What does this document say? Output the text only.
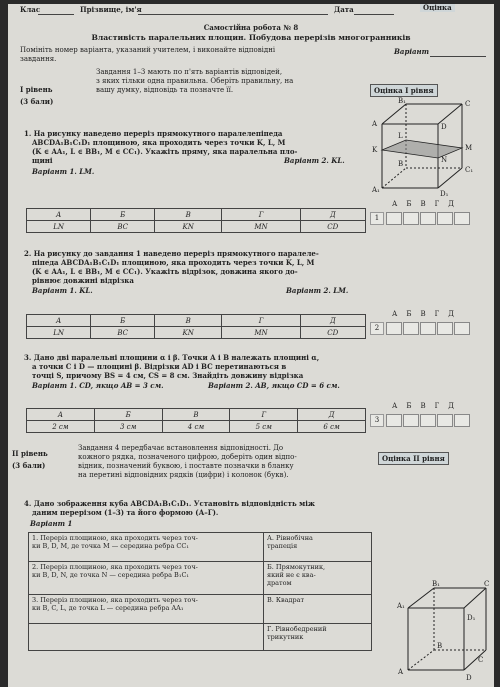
Клас	Прізвище, ім'я	Дата	Оцінка
Самостійна робота № 8
Властивість паралельних площин. Побудова перерізів многогранників
Помініть номер варіанта, указаний учителем, і виконайте відповідні
завдання.
Варіант
I рівень
(3 бали)
Завдання 1–3 мають по п'ять варіантів відповідей,
з яких тільки одна правильна. Оберіть правильну, на
вашу думку, відповідь та позначте її.	Оцінка I рівня
B₁	C
A	D
K	M
L
N
C₁
B
A₁	D₁
1. На рисунку наведено переріз прямокутного паралелепіпеда
ABCDA₁B₁C₁D₁ площиною, яка проходить через точки K, L, M
(K ∈ AA₁, L ∈ BB₁, M ∈ CC₁). Укажіть пряму, яка паралельна пло-
щині	Варіант 2. KL.
Варіант 1. LM.
А	Б	В	Г	Д
LN	BC	KN	MN	CD
АБВГД
1
2. На рисунку до завдання 1 наведено переріз прямокутного паралеле-
піпеда ABCDA₁B₁C₁D₁ площиною, яка проходить через точки K, L, M
(K ∈ AA₁, L ∈ BB₁, M ∈ CC₁). Укажіть відрізок, довжина якого до-
рівнює довжині відрізка
Варіант 1. KL.	Варіант 2. LM.
А	Б	В	Г	Д
LN	BC	KN	MN	CD
АБВГД
2
3. Дано дві паралельні площини α і β. Точки A і B належать площині α,
а точки C і D — площині β. Відрізки AD і BC перетинаються в
точці S, причому BS = 4 см, CS = 8 см. Знайдіть довжину відрізка
Варіант 1. CD, якщо AB = 3 см.	Варіант 2. AB, якщо CD = 6 см.
А	Б	В	Г	Д
2 см	3 см	4 см	5 см	6 см
АБВГД
3
II рівень
(3 бали)
Завдання 4 передбачає встановлення відповідності. До
кожного рядка, позначеного цифрою, доберіть один відпо-
відник, позначений буквою, і поставте позначки в бланку
на перетині відповідних рядків (цифри) і колонок (букв).
Оцінка II рівня
4. Дано зображення куба ABCDA₁B₁C₁D₁. Установіть відповідність між
даним перерізом (1–3) та його формою (А–Г).
Варіант 1
1. Переріз площиною, яка проходить через точ-
ки B, D, M, де точка M — середина ребра CC₁	А. Рівнобічна
трапеція
2. Переріз площиною, яка проходить через точ-
ки B, D, N, де точка N — середина ребра B₁C₁	Б. Прямокутник,
який не є ква-
дратом
3. Переріз площиною, яка проходить через точ-
ки B, C, L, де точка L — середина ребра AA₁	В. Квадрат
	Г. Рівнобедрений
трикутник
B₁	C
A₁
D₁
B
C
A
D
